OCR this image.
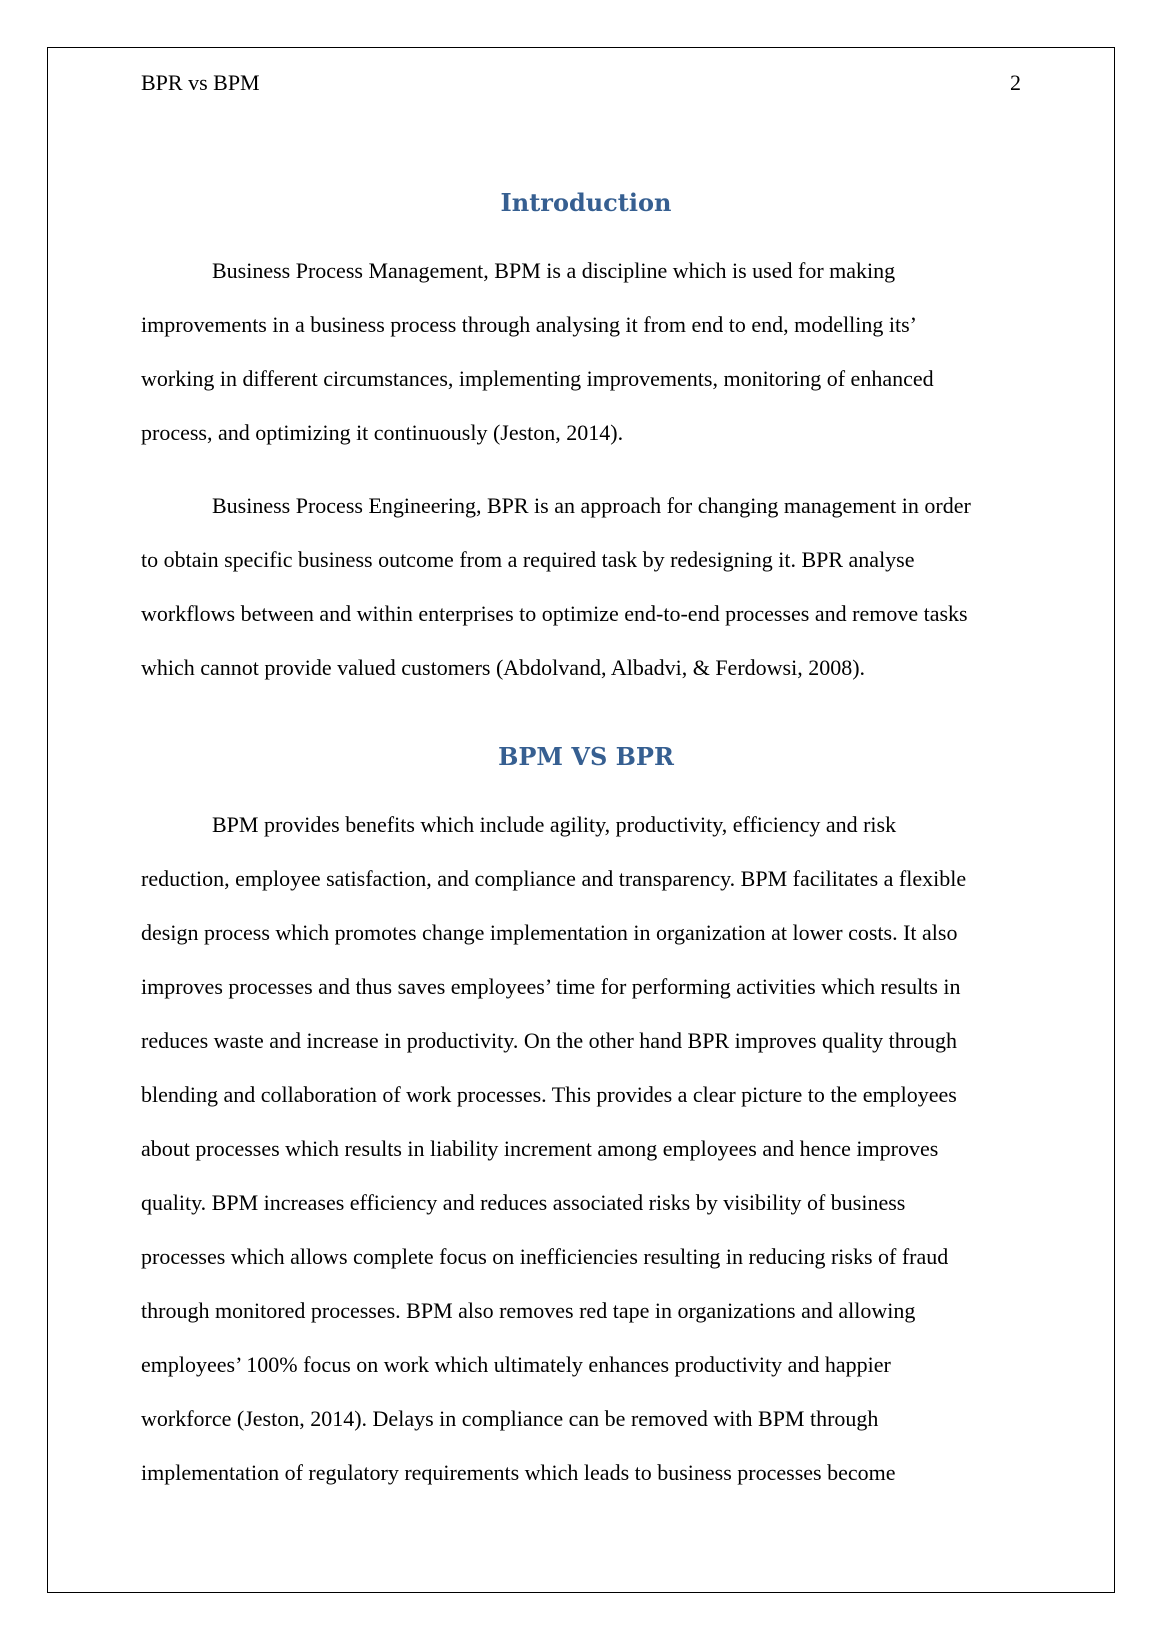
BPR vs BPM	2
Introduction

Business Process Management, BPM is a discipline which is used for making
improvements in a business process through analysing it from end to end, modelling its’
working in different circumstances, implementing improvements, monitoring of enhanced
process, and optimizing it continuously (Jeston, 2014).

Business Process Engineering, BPR is an approach for changing management in order
to obtain specific business outcome from a required task by redesigning it. BPR analyse
workflows between and within enterprises to optimize end-to-end processes and remove tasks
which cannot provide valued customers (Abdolvand, Albadvi, & Ferdowsi, 2008).

BPM VS BPR

BPM provides benefits which include agility, productivity, efficiency and risk
reduction, employee satisfaction, and compliance and transparency. BPM facilitates a flexible
design process which promotes change implementation in organization at lower costs. It also
improves processes and thus saves employees’ time for performing activities which results in
reduces waste and increase in productivity. On the other hand BPR improves quality through
blending and collaboration of work processes. This provides a clear picture to the employees
about processes which results in liability increment among employees and hence improves
quality. BPM increases efficiency and reduces associated risks by visibility of business
processes which allows complete focus on inefficiencies resulting in reducing risks of fraud
through monitored processes. BPM also removes red tape in organizations and allowing
employees’ 100% focus on work which ultimately enhances productivity and happier
workforce (Jeston, 2014). Delays in compliance can be removed with BPM through
implementation of regulatory requirements which leads to business processes become
